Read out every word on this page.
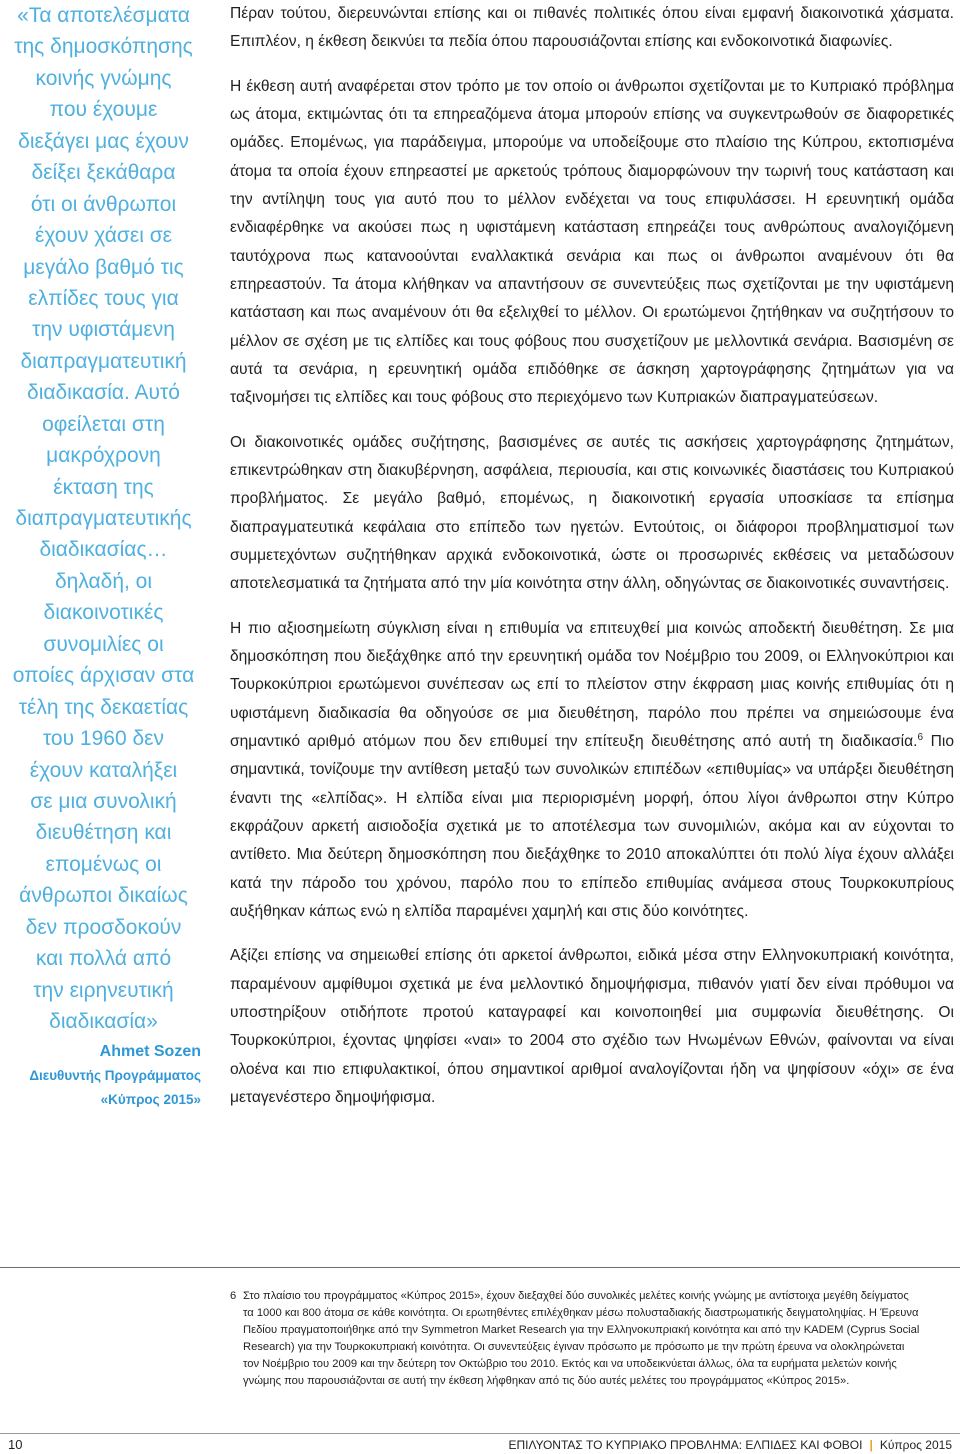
«Τα αποτελέσματα
της δημοσκόπησης
κοινής γνώμης
που έχουμε
διεξάγει μας έχουν
δείξει ξεκάθαρα
ότι οι άνθρωποι
έχουν χάσει σε
μεγάλο βαθμό τις
ελπίδες τους για
την υφιστάμενη
διαπραγματευτική
διαδικασία. Αυτό
οφείλεται στη
μακρόχρονη
έκταση της
διαπραγματευτικής
διαδικασίας…
δηλαδή, οι
διακοινοτικές
συνομιλίες οι
οποίες άρχισαν στα
τέλη της δεκαετίας
του 1960 δεν
έχουν καταλήξει
σε μια συνολική
διευθέτηση και
επομένως οι
άνθρωποι δικαίως
δεν προσδοκούν
και πολλά από
την ειρηνευτική
διαδικασία»
Ahmet Sozen
Διευθυντής Προγράμματος
«Κύπρος 2015»

Πέραν τούτου, διερευνώνται επίσης και οι πιθανές πολιτικές όπου είναι εμφανή διακοινοτικά χάσματα. Επιπλέον, η έκθεση δεικνύει τα πεδία όπου παρουσιάζονται επίσης και ενδοκοινοτικά διαφωνίες.

Η έκθεση αυτή αναφέρεται στον τρόπο με τον οποίο οι άνθρωποι σχετίζονται με το Κυπριακό πρόβλημα ως άτομα, εκτιμώντας ότι τα επηρεαζόμενα άτομα μπορούν επίσης να συγκεντρωθούν σε διαφορετικές ομάδες. Επομένως, για παράδειγμα, μπορούμε να υποδείξουμε στο πλαίσιο της Κύπρου, εκτοπισμένα άτομα τα οποία έχουν επηρεαστεί με αρκετούς τρόπους διαμορφώνουν την τωρινή τους κατάσταση και την αντίληψη τους για αυτό που το μέλλον ενδέχεται να τους επιφυλάσσει. Η ερευνητική ομάδα ενδιαφέρθηκε να ακούσει πως η υφιστάμενη κατάσταση επηρεάζει τους ανθρώπους αναλογιζόμενη ταυτόχρονα πως κατανοούνται εναλλακτικά σενάρια και πως οι άνθρωποι αναμένουν ότι θα επηρεαστούν. Τα άτομα κλήθηκαν να απαντήσουν σε συνεντεύξεις πως σχετίζονται με την υφιστάμενη κατάσταση και πως αναμένουν ότι θα εξελιχθεί το μέλλον. Οι ερωτώμενοι ζητήθηκαν να συζητήσουν το μέλλον σε σχέση με τις ελπίδες και τους φόβους που συσχετίζουν με μελλοντικά σενάρια. Βασισμένη σε αυτά τα σενάρια, η ερευνητική ομάδα επιδόθηκε σε άσκηση χαρτογράφησης ζητημάτων για να ταξινομήσει τις ελπίδες και τους φόβους στο περιεχόμενο των Κυπριακών διαπραγματεύσεων.

Οι διακοινοτικές ομάδες συζήτησης, βασισμένες σε αυτές τις ασκήσεις χαρτογράφησης ζητημάτων, επικεντρώθηκαν στη διακυβέρνηση, ασφάλεια, περιουσία, και στις κοινωνικές διαστάσεις του Κυπριακού προβλήματος. Σε μεγάλο βαθμό, επομένως, η διακοινοτική εργασία υποσκίασε τα επίσημα διαπραγματευτικά κεφάλαια στο επίπεδο των ηγετών. Εντούτοις, οι διάφοροι προβληματισμοί των συμμετεχόντων συζητήθηκαν αρχικά ενδοκοινοτικά, ώστε οι προσωρινές εκθέσεις να μεταδώσουν αποτελεσματικά τα ζητήματα από την μία κοινότητα στην άλλη, οδηγώντας σε διακοινοτικές συναντήσεις.

Η πιο αξιοσημείωτη σύγκλιση είναι η επιθυμία να επιτευχθεί μια κοινώς αποδεκτή διευθέτηση. Σε μια δημοσκόπηση που διεξάχθηκε από την ερευνητική ομάδα τον Νοέμβριο του 2009, οι Ελληνοκύπριοι και Τουρκοκύπριοι ερωτώμενοι συνέπεσαν ως επί το πλείστον στην έκφραση μιας κοινής επιθυμίας ότι η υφιστάμενη διαδικασία θα οδηγούσε σε μια διευθέτηση, παρόλο που πρέπει να σημειώσουμε ένα σημαντικό αριθμό ατόμων που δεν επιθυμεί την επίτευξη διευθέτησης από αυτή τη διαδικασία.$^6$ Πιο σημαντικά, τονίζουμε την αντίθεση μεταξύ των συνολικών επιπέδων «επιθυμίας» να υπάρξει διευθέτηση έναντι της «ελπίδας». Η ελπίδα είναι μια περιορισμένη μορφή, όπου λίγοι άνθρωποι στην Κύπρο εκφράζουν αρκετή αισιοδοξία σχετικά με το αποτέλεσμα των συνομιλιών, ακόμα και αν εύχονται το αντίθετο. Μια δεύτερη δημοσκόπηση που διεξάχθηκε το 2010 αποκαλύπτει ότι πολύ λίγα έχουν αλλάξει κατά την πάροδο του χρόνου, παρόλο που το επίπεδο επιθυμίας ανάμεσα στους Τουρκοκυπρίους αυξήθηκαν κάπως ενώ η ελπίδα παραμένει χαμηλή και στις δύο κοινότητες.

Αξίζει επίσης να σημειωθεί επίσης ότι αρκετοί άνθρωποι, ειδικά μέσα στην Ελληνοκυπριακή κοινότητα, παραμένουν αμφίθυμοι σχετικά με ένα μελλοντικό δημοψήφισμα, πιθανόν γιατί δεν είναι πρόθυμοι να υποστηρίξουν οτιδήποτε προτού καταγραφεί και κοινοποιηθεί μια συμφωνία διευθέτησης. Οι Τουρκοκύπριοι, έχοντας ψηφίσει «ναι» το 2004 στο σχέδιο των Ηνωμένων Εθνών, φαίνονται να είναι ολοένα και πιο επιφυλακτικοί, όπου σημαντικοί αριθμοί αναλογίζονται ήδη να ψηφίσουν «όχι» σε ένα μεταγενέστερο δημοψήφισμα.

6 Στο πλαίσιο του προγράμματος «Κύπρος 2015», έχουν διεξαχθεί δύο συνολικές μελέτες κοινής γνώμης με αντίστοιχα μεγέθη δείγματος τα 1000 και 800 άτομα σε κάθε κοινότητα. Οι ερωτηθέντες επιλέχθηκαν μέσω πολυσταδιακής διαστρωματικής δειγματοληψίας. Η Έρευνα Πεδίου πραγματοποιήθηκε από την Symmetron Market Research για την Ελληνοκυπριακή κοινότητα και από την KADEM (Cyprus Social Research) για την Τουρκοκυπριακή κοινότητα. Οι συνεντεύξεις έγιναν πρόσωπο με πρόσωπο με την πρώτη έρευνα να ολοκληρώνεται τον Νοέμβριο του 2009 και την δεύτερη τον Οκτώβριο του 2010. Εκτός και να υποδεικνύεται άλλως, όλα τα ευρήματα μελετών κοινής γνώμης που παρουσιάζονται σε αυτή την έκθεση λήφθηκαν από τις δύο αυτές μελέτες του προγράμματος «Κύπρος 2015».
10	ΕΠΙΛΥΟΝΤΑΣ ΤΟ ΚΥΠΡΙΑΚΟ ΠΡΟΒΛΗΜΑ: ΕΛΠΙΔΕΣ ΚΑΙ ΦΟΒΟΙ | Κύπρος 2015
